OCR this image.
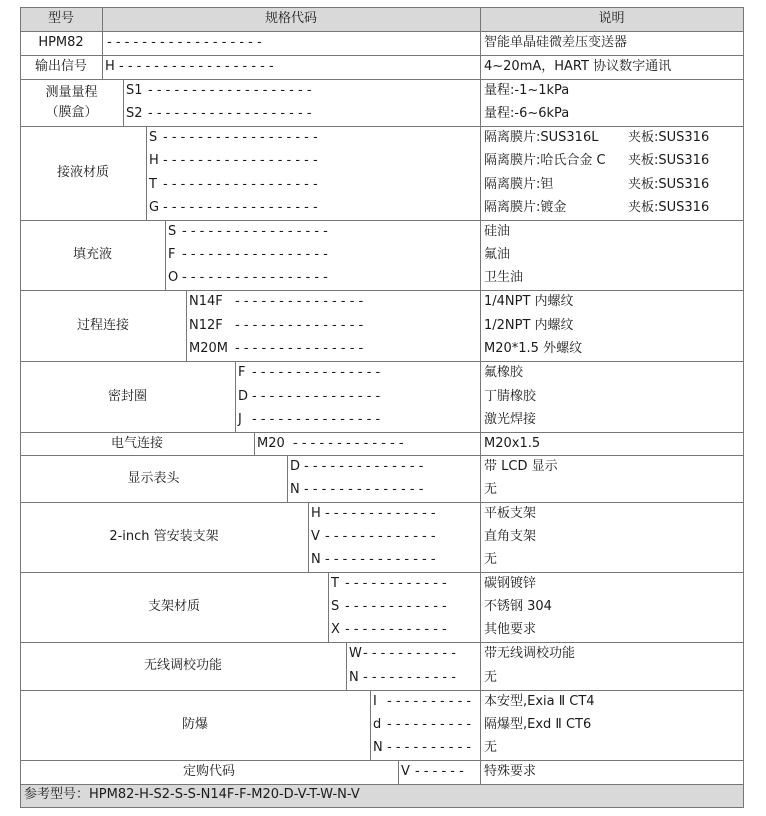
型号	规格代码	说明
参考型号：HPM82-H-S2-S-S-N14F-F-M20-D-V-T-W-N-V
HPM82	- - - - - - - - - - - - - - - - - -	智能单晶硅微差压变送器
输出信号	H - - - - - - - - - - - - - - - - - -	4~20mA，HART 协议数字通讯
测量量程
（膜盒）
S1 - - - - - - - - - - - - - - - - - - -	量程:-1~1kPa
S2 - - - - - - - - - - - - - - - - - - -	量程:-6~6kPa
接液材质
S - - - - - - - - - - - - - - - - - -	隔离膜片:SUS316L	夹板:SUS316
H - - - - - - - - - - - - - - - - - -	隔离膜片:哈氏合金 C	夹板:SUS316
T - - - - - - - - - - - - - - - - - -	隔离膜片:钽	夹板:SUS316
G - - - - - - - - - - - - - - - - - -	隔离膜片:镀金	夹板:SUS316
填充液
S - - - - - - - - - - - - - - - - -	硅油
F - - - - - - - - - - - - - - - - -	氟油
O - - - - - - - - - - - - - - - - -	卫生油
过程连接
N14F - - - - - - - - - - - - - - -	1/4NPT 内螺纹
N12F - - - - - - - - - - - - - - -	1/2NPT 内螺纹
M20M - - - - - - - - - - - - - - -	M20*1.5 外螺纹
密封圈
F - - - - - - - - - - - - - - -	氟橡胶
D - - - - - - - - - - - - - - -	丁腈橡胶
J - - - - - - - - - - - - - - -	激光焊接
电气连接	M20 - - - - - - - - - - - - -	M20x1.5
显示表头
D - - - - - - - - - - - - - -	带 LCD 显示
N - - - - - - - - - - - - - -	无
2-inch 管安装支架
H - - - - - - - - - - - - -	平板支架
V - - - - - - - - - - - - -	直角支架
N - - - - - - - - - - - - -	无
支架材质
T - - - - - - - - - - - -	碳钢镀锌
S - - - - - - - - - - - -	不锈钢 304
X - - - - - - - - - - - -	其他要求
无线调校功能
W - - - - - - - - - - -	带无线调校功能
N - - - - - - - - - - -	无
防爆
I - - - - - - - - - - 本安型,Exia Ⅱ CT4
d - - - - - - - - - - 隔爆型,Exd Ⅱ CT6
N - - - - - - - - - - 无
定购代码	V - - - - - -	特殊要求
